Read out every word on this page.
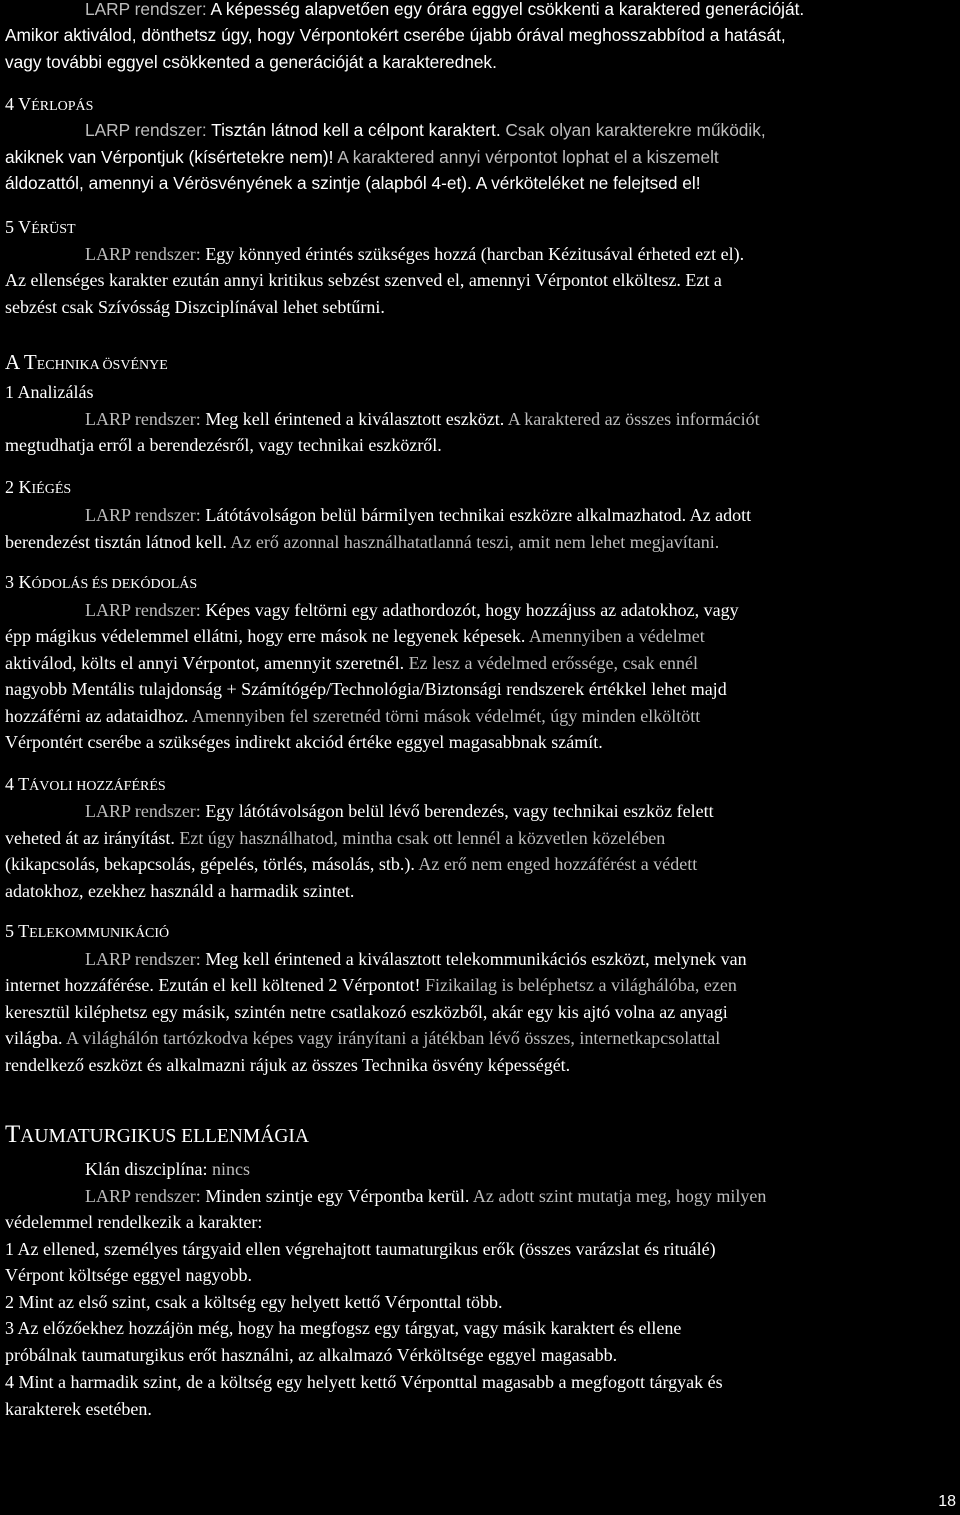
LARP rendszer: A képesség alapvetően egy órára eggyel csökkenti a karaktered generációját.
Amikor aktiválod, dönthetsz úgy, hogy Vérpontokért cserébe újabb órával meghosszabbítod a hatását,
vagy további eggyel csökkented a generációját a karakterednek.
4 VÉRLOPÁS
LARP rendszer: Tisztán látnod kell a célpont karaktert. Csak olyan karakterekre működik,
akiknek van Vérpontjuk (kísértetekre nem)! A karaktered annyi vérpontot lophat el a kiszemelt
áldozattól, amennyi a Vérösvényének a szintje (alapból 4-et). A vérköteléket ne felejtsed el!
5 VÉRÜST
LARP rendszer: Egy könnyed érintés szükséges hozzá (harcban Kézitusával érheted ezt el).
Az ellenséges karakter ezután annyi kritikus sebzést szenved el, amennyi Vérpontot elköltesz. Ezt a
sebzést csak Szívósság Diszciplínával lehet sebtűrni.
A TECHNIKA ÖSVÉNYE
1 Analizálás
LARP rendszer: Meg kell érintened a kiválasztott eszközt. A karaktered az összes információt
megtudhatja erről a berendezésről, vagy technikai eszközről.
2 KIÉGÉS
LARP rendszer: Látótávolságon belül bármilyen technikai eszközre alkalmazhatod. Az adott
berendezést tisztán látnod kell. Az erő azonnal használhatatlanná teszi, amit nem lehet megjavítani.
3 KÓDOLÁS ÉS DEKÓDOLÁS
LARP rendszer: Képes vagy feltörni egy adathordozót, hogy hozzájuss az adatokhoz, vagy
épp mágikus védelemmel ellátni, hogy erre mások ne legyenek képesek. Amennyiben a védelmet
aktiválod, költs el annyi Vérpontot, amennyit szeretnél. Ez lesz a védelmed erőssége, csak ennél
nagyobb Mentális tulajdonság + Számítógép/Technológia/Biztonsági rendszerek értékkel lehet majd
hozzáférni az adataidhoz. Amennyiben fel szeretnéd törni mások védelmét, úgy minden elköltött
Vérpontért cserébe a szükséges indirekt akciód értéke eggyel magasabbnak számít.
4 TÁVOLI HOZZÁFÉRÉS
LARP rendszer: Egy látótávolságon belül lévő berendezés, vagy technikai eszköz felett
veheted át az irányítást. Ezt úgy használhatod, mintha csak ott lennél a közvetlen közelében
(kikapcsolás, bekapcsolás, gépelés, törlés, másolás, stb.). Az erő nem enged hozzáférést a védett
adatokhoz, ezekhez használd a harmadik szintet.
5 TELEKOMMUNIKÁCIÓ
LARP rendszer: Meg kell érintened a kiválasztott telekommunikációs eszközt, melynek van
internet hozzáférése. Ezután el kell költened 2 Vérpontot! Fizikailag is beléphetsz a világhálóba, ezen
keresztül kiléphetsz egy másik, szintén netre csatlakozó eszközből, akár egy kis ajtó volna az anyagi
világba. A világhálón tartózkodva képes vagy irányítani a játékban lévő összes, internetkapcsolattal
rendelkező eszközt és alkalmazni rájuk az összes Technika ösvény képességét.
TAUMATURGIKUS ELLENMÁGIA
Klán diszciplína: nincs
LARP rendszer: Minden szintje egy Vérpontba kerül. Az adott szint mutatja meg, hogy milyen
védelemmel rendelkezik a karakter:
1 Az ellened, személyes tárgyaid ellen végrehajtott taumaturgikus erők (összes varázslat és rituálé)
Vérpont költsége eggyel nagyobb.
2 Mint az első szint, csak a költség egy helyett kettő Vérponttal több.
3 Az előzőekhez hozzájön még, hogy ha megfogsz egy tárgyat, vagy másik karaktert és ellene
próbálnak taumaturgikus erőt használni, az alkalmazó Vérköltsége eggyel magasabb.
4 Mint a harmadik szint, de a költség egy helyett kettő Vérponttal magasabb a megfogott tárgyak és
karakterek esetében.
18
